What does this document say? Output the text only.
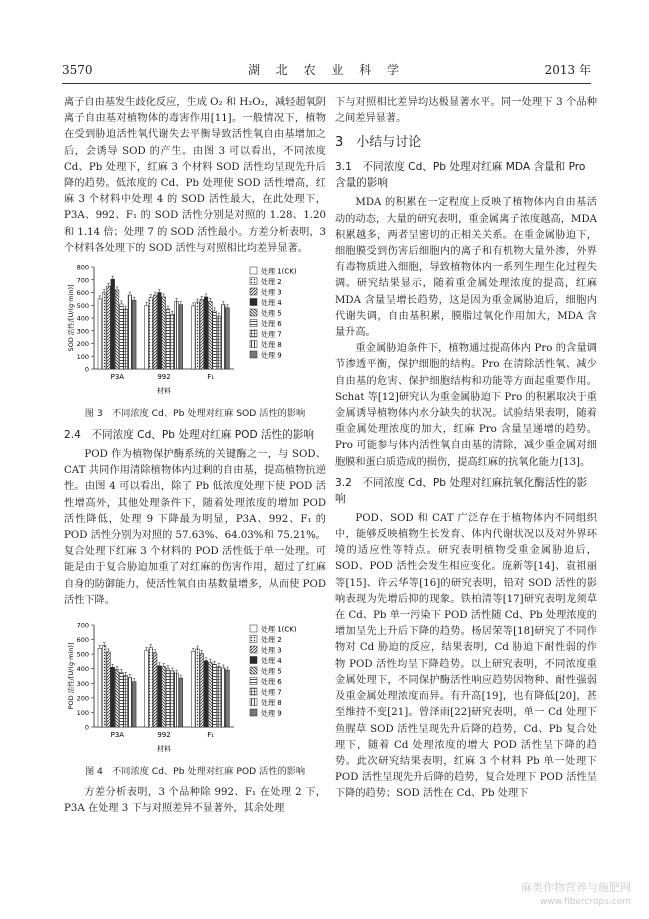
3570	湖 北 农 业 科 学	2013 年

离子自由基发生歧化反应，生成 O₂ 和 H₂O₂，减轻超氧阴离子自由基对植物体的毒害作用[11]。一般情况下，植物在受到胁迫活性氧代谢失去平衡导致活性氧自由基增加之后，会诱导 SOD 的产生。由图 3 可以看出，不同浓度 Cd、Pb 处理下，红麻 3 个材料 SOD 活性均呈现先升后降的趋势。低浓度的 Cd、Pb 处理使 SOD 活性增高，红麻 3 个材料中处理 4 的 SOD 活性最大，在此处理下，P3A、992、F₁ 的 SOD 活性分别是对照的 1.28、1.20 和 1.14 倍；处理 7 的 SOD 活性最小。方差分析表明，3 个材料各处理下的 SOD 活性与对照相比均差异显著。

0
100
200
300
400
500
600
700
800
SOD 活性/[U/(g·min)]
P3A	992	F₁
材料
处理 1(CK)
处理 2
处理 3
处理 4
处理 5
处理 6
处理 7
处理 8
处理 9
图 3　不同浓度 Cd、Pb 处理对红麻 SOD 活性的影响
2.4　不同浓度 Cd、Pb 处理对红麻 POD 活性的影响

POD 作为植物保护酶系统的关键酶之一，与 SOD、CAT 共同作用清除植物体内过剩的自由基，提高植物抗逆性。由图 4 可以看出，除了 Pb 低浓度处理下使 POD 活性增高外，其他处理条件下，随着处理浓度的增加 POD 活性降低，处理 9 下降最为明显，P3A、992、F₁ 的 POD 活性分别为对照的 57.63%、64.03%和 75.21%。复合处理下红麻 3 个材料的 POD 活性低于单一处理。可能是由于复合胁迫加重了对红麻的伤害作用，超过了红麻自身的防御能力，使活性氧自由基数量增多，从而使 POD 活性下降。

0
100
200
300
400
500
600
700
POD 活性/[U/(g·min)]
P3A	992	F₁
材料
处理 1(CK)
处理 2
处理 3
处理 4
处理 5
处理 6
处理 7
处理 8
处理 9
图 4　不同浓度 Cd、Pb 处理对红麻 POD 活性的影响

方差分析表明，3 个品种除 992、F₁ 在处理 2 下，P3A 在处理 3 下与对照差异不显著外，其余处理

下与对照相比差异均达极显著水平。同一处理下 3 个品种之间差异显著。

3　小结与讨论
3.1　不同浓度 Cd、Pb 处理对红麻 MDA 含量和 Pro 含量的影响

MDA 的积累在一定程度上反映了植物体内自由基活动的动态，大量的研究表明，重金属离子浓度越高，MDA 积累越多，两者呈密切的正相关关系。在重金属胁迫下，细胞膜受到伤害后细胞内的离子和有机物大量外渗，外界有毒物质进入细胞，导致植物体内一系列生理生化过程失调。研究结果显示，随着重金属处理浓度的提高，红麻 MDA 含量呈增长趋势，这是因为重金属胁迫后，细胞内代谢失调，自由基积累，膜脂过氧化作用加大，MDA 含量升高。

重金属胁迫条件下，植物通过提高体内 Pro 的含量调节渗透平衡，保护细胞的结构。Pro 在清除活性氧、减少自由基的危害、保护细胞结构和功能等方面起重要作用。Schat 等[12]研究认为重金属胁迫下 Pro 的积累取决于重金属诱导植物体内水分缺失的状况。试验结果表明，随着重金属处理浓度的加大，红麻 Pro 含量呈递增的趋势。Pro 可能参与体内活性氧自由基的清除，减少重金属对细胞膜和蛋白质造成的损伤，提高红麻的抗氧化能力[13]。

3.2　不同浓度 Cd、Pb 处理对红麻抗氧化酶活性的影响

POD、SOD 和 CAT 广泛存在于植物体内不同组织中，能够反映植物生长发育、体内代谢状况以及对外界环境的适应性等特点。研究表明植物受重金属胁迫后，SOD、POD 活性会发生相应变化。庞新等[14]、袁祖丽等[15]、许云华等[16]的研究表明，铅对 SOD 活性的影响表现为先增后抑的现象。铁柏清等[17]研究表明龙须草在 Cd、Pb 单一污染下 POD 活性随 Cd、Pb 处理浓度的增加呈先上升后下降的趋势。杨居荣等[18]研究了不同作物对 Cd 胁迫的反应，结果表明，Cd 胁迫下耐性弱的作物 POD 活性均呈下降趋势。以上研究表明，不同浓度重金属处理下，不同保护酶活性响应趋势因物种、耐性强弱及重金属处理浓度而异。有升高[19]，也有降低[20]，甚至维持不变[21]。曾泽雨[22]研究表明，单一 Cd 处理下鱼腥草 SOD 活性呈现先升后降的趋势，Cd、Pb 复合处理下，随着 Cd 处理浓度的增大 POD 活性呈下降的趋势。此次研究结果表明，红麻 3 个材料 Pb 单一处理下 POD 活性呈现先升后降的趋势，复合处理下 POD 活性呈下降的趋势；SOD 活性在 Cd、Pb 处理下

麻类作物营养与施肥网
www.fibercrops.com
